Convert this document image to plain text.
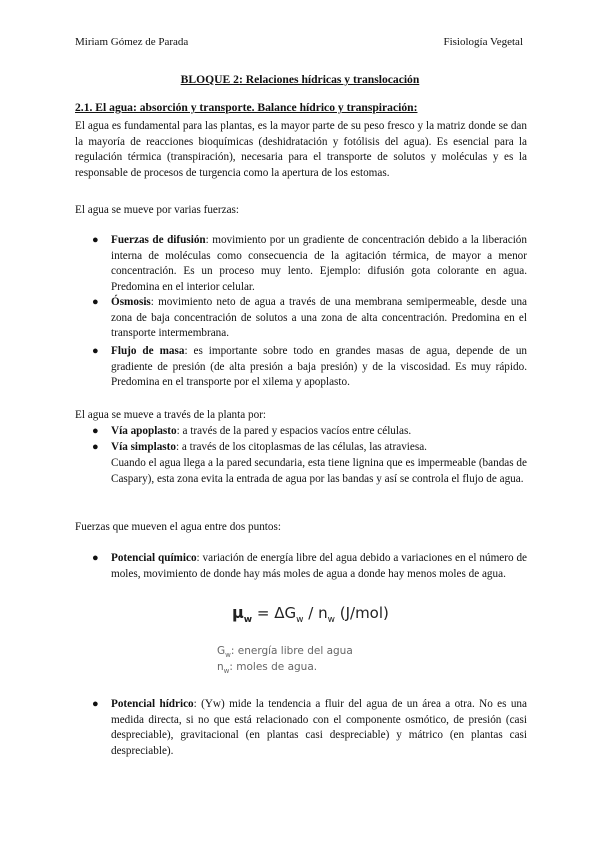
Miriam Gómez de Parada	Fisiología Vegetal
BLOQUE 2: Relaciones hídricas y translocación
2.1. El agua: absorción y transporte. Balance hídrico y transpiración:
El agua es fundamental para las plantas, es la mayor parte de su peso fresco y la matriz donde se dan la mayoría de reacciones bioquímicas (deshidratación y fotólisis del agua). Es esencial para la regulación térmica (transpiración), necesaria para el transporte de solutos y moléculas y es la responsable de procesos de turgencia como la apertura de los estomas.
El agua se mueve por varias fuerzas:
● Fuerzas de difusión: movimiento por un gradiente de concentración debido a la liberación interna de moléculas como consecuencia de la agitación térmica, de mayor a menor concentración. Es un proceso muy lento. Ejemplo: difusión gota colorante en agua. Predomina en el interior celular.
● Ósmosis: movimiento neto de agua a través de una membrana semipermeable, desde una zona de baja concentración de solutos a una zona de alta concentración. Predomina en el transporte intermembrana.
● Flujo de masa: es importante sobre todo en grandes masas de agua, depende de un gradiente de presión (de alta presión a baja presión) y de la viscosidad. Es muy rápido. Predomina en el transporte por el xilema y apoplasto.
El agua se mueve a través de la planta por:
● Vía apoplasto: a través de la pared y espacios vacíos entre células.
● Vía simplasto: a través de los citoplasmas de las células, las atraviesa.
Cuando el agua llega a la pared secundaria, esta tiene lignina que es impermeable (bandas de Caspary), esta zona evita la entrada de agua por las bandas y así se controla el flujo de agua.
Fuerzas que mueven el agua entre dos puntos:
● Potencial químico: variación de energía libre del agua debido a variaciones en el número de moles, movimiento de donde hay más moles de agua a donde hay menos moles de agua.
$\mu_w = \Delta G_w / n_w$ (J/mol)
$G_w$: energía libre del agua
$n_w$: moles de agua.
● Potencial hídrico: (Yw) mide la tendencia a fluir del agua de un área a otra. No es una medida directa, si no que está relacionado con el componente osmótico, de presión (casi despreciable), gravitacional (en plantas casi despreciable) y mátrico (en plantas casi despreciable).
